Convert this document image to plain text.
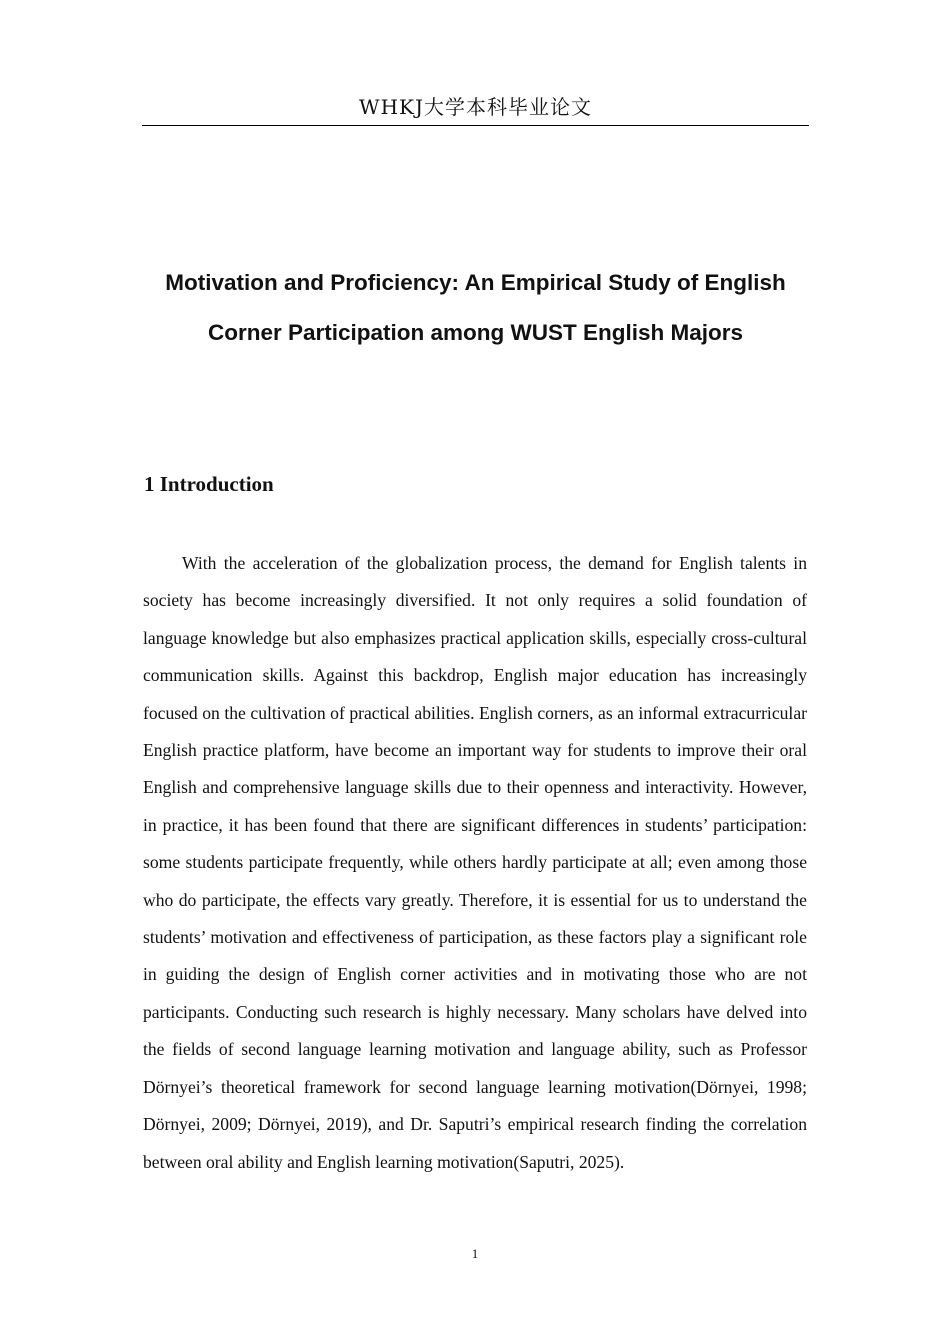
WHKJ大学本科毕业论文
Motivation and Proficiency: An Empirical Study of English
Corner Participation among WUST English Majors
1 Introduction

With the acceleration of the globalization process, the demand for English talents in society has become increasingly diversified. It not only requires a solid foundation of language knowledge but also emphasizes practical application skills, especially cross-cultural communication skills. Against this backdrop, English major education has increasingly focused on the cultivation of practical abilities. English corners, as an informal extracurricular English practice platform, have become an important way for students to improve their oral English and comprehensive language skills due to their openness and interactivity. However, in practice, it has been found that there are significant differences in students’ participation: some students participate frequently, while others hardly participate at all; even among those who do participate, the effects vary greatly. Therefore, it is essential for us to understand the students’ motivation and effectiveness of participation, as these factors play a significant role in guiding the design of English corner activities and in motivating those who are not participants. Conducting such research is highly necessary. Many scholars have delved into the fields of second language learning motivation and language ability, such as Professor Dörnyei’s theoretical framework for second language learning motivation(Dörnyei, 1998; Dörnyei, 2009; Dörnyei, 2019), and Dr. Saputri’s empirical research finding the correlation between oral ability and English learning motivation(Saputri, 2025).

1
